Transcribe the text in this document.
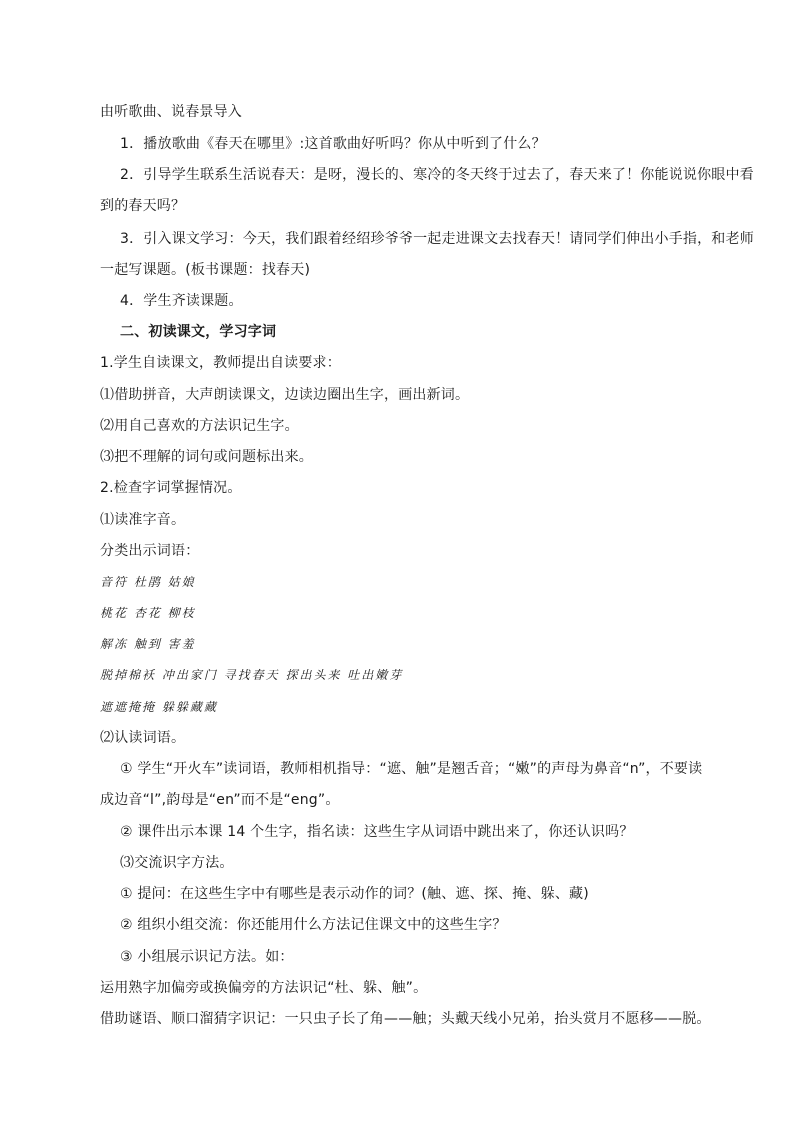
由听歌曲、说春景导入
1．播放歌曲《春天在哪里》:这首歌曲好听吗？你从中听到了什么？
2．引导学生联系生活说春天：是呀，漫长的、寒冷的冬天终于过去了，春天来了！你能说说你眼中看
到的春天吗？
3．引入课文学习：今天，我们跟着经绍珍爷爷一起走进课文去找春天！请同学们伸出小手指，和老师
一起写课题。(板书课题：找春天)
4．学生齐读课题。
二、初读课文，学习字词
1.学生自读课文，教师提出自读要求：
⑴借助拼音，大声朗读课文，边读边圈出生字，画出新词。
⑵用自己喜欢的方法识记生字。
⑶把不理解的词句或问题标出来。
2.检查字词掌握情况。
⑴读准字音。
分类出示词语：
音符 杜鹃 姑娘
桃花 杏花 柳枝
解冻 触到 害羞
脱掉棉袄 冲出家门 寻找春天 探出头来 吐出嫩芽
遮遮掩掩 躲躲藏藏
⑵认读词语。
① 学生“开火车”读词语，教师相机指导：“遮、触”是翘舌音；“嫩”的声母为鼻音“n”，不要读
成边音“l”,韵母是“en”而不是“eng”。
② 课件出示本课 14 个生字，指名读：这些生字从词语中跳出来了，你还认识吗？
⑶交流识字方法。
① 提问：在这些生字中有哪些是表示动作的词？(触、遮、探、掩、躲、藏)
② 组织小组交流：你还能用什么方法记住课文中的这些生字？
③ 小组展示识记方法。如：
运用熟字加偏旁或换偏旁的方法识记“杜、躲、触”。
借助谜语、顺口溜猜字识记：一只虫子长了角——触；头戴天线小兄弟，抬头赏月不愿移——脱。
